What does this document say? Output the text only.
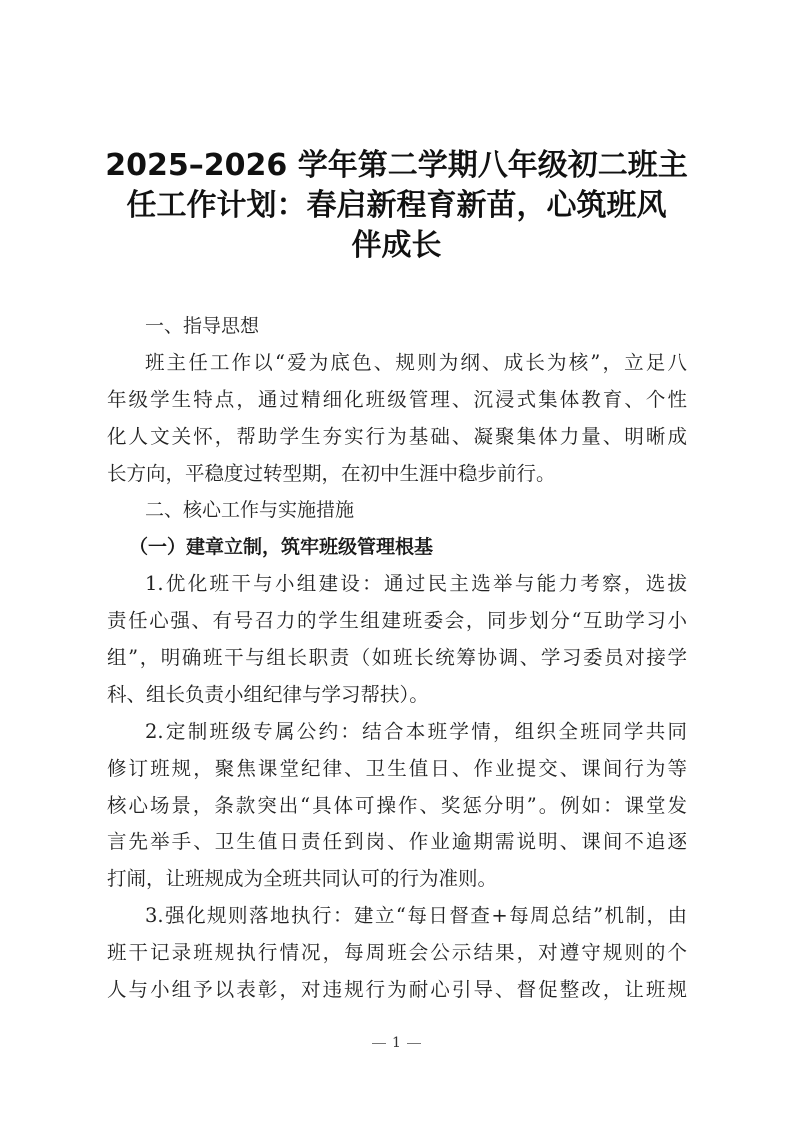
2025–2026 学年第二学期八年级初二班主
任工作计划：春启新程育新苗，心筑班风
伴成长
一、指导思想
班主任工作以“爱为底色、规则为纲、成长为核”，立足八
年级学生特点，通过精细化班级管理、沉浸式集体教育、个性
化人文关怀，帮助学生夯实行为基础、凝聚集体力量、明晰成
长方向，平稳度过转型期，在初中生涯中稳步前行。
二、核心工作与实施措施
（一）建章立制，筑牢班级管理根基
1.优化班干与小组建设：通过民主选举与能力考察，选拔
责任心强、有号召力的学生组建班委会，同步划分“互助学习小
组”，明确班干与组长职责（如班长统筹协调、学习委员对接学
科、组长负责小组纪律与学习帮扶）。
2.定制班级专属公约：结合本班学情，组织全班同学共同
修订班规，聚焦课堂纪律、卫生值日、作业提交、课间行为等
核心场景，条款突出“具体可操作、奖惩分明”。例如：课堂发
言先举手、卫生值日责任到岗、作业逾期需说明、课间不追逐
打闹，让班规成为全班共同认可的行为准则。
3.强化规则落地执行：建立“每日督查+每周总结”机制，由
班干记录班规执行情况，每周班会公示结果，对遵守规则的个
人与小组予以表彰，对违规行为耐心引导、督促整改，让班规
1
